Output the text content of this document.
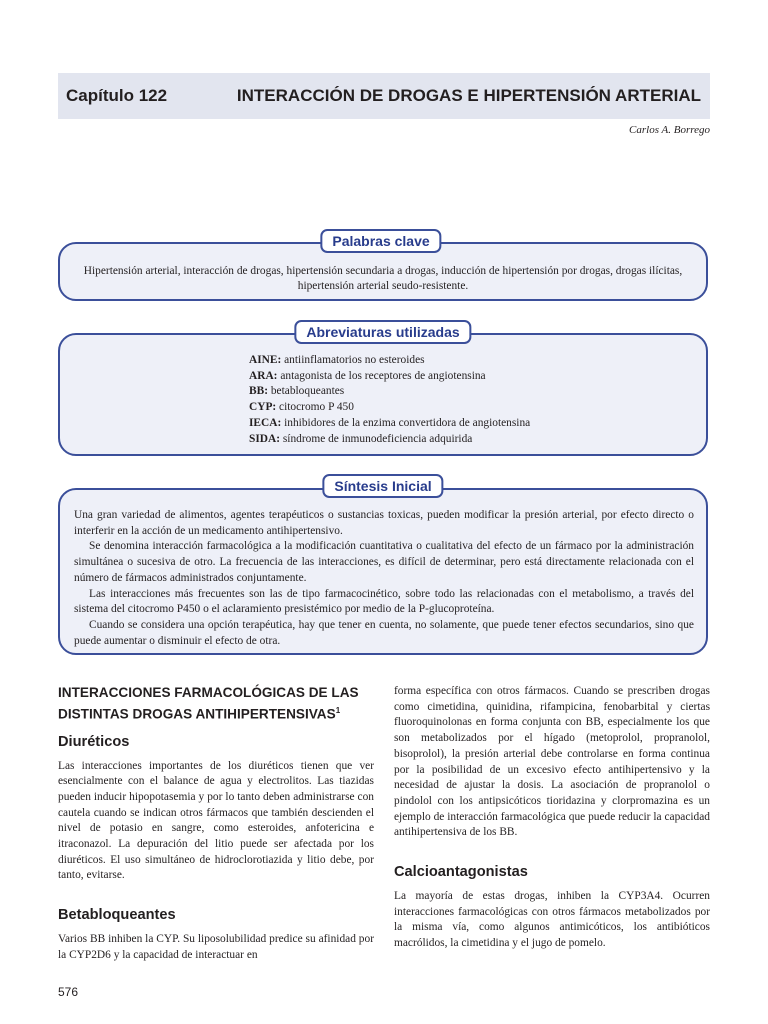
Capítulo 122	INTERACCIÓN DE DROGAS E HIPERTENSIÓN ARTERIAL
Carlos A. Borrego
Hipertensión arterial, interacción de drogas, hipertensión secundaria a drogas, inducción de hipertensión por drogas, drogas ilícitas, hipertensión arterial seudo-resistente.
Palabras clave
AINE: antiinflamatorios no esteroides
ARA: antagonista de los receptores de angiotensina
BB: betabloqueantes
CYP: citocromo P 450
IECA: inhibidores de la enzima convertidora de angiotensina
SIDA: síndrome de inmunodeficiencia adquirida
Abreviaturas utilizadas

Una gran variedad de alimentos, agentes terapéuticos o sustancias toxicas, pueden modificar la presión arterial, por efecto directo o interferir en la acción de un medicamento antihipertensivo.

Se denomina interacción farmacológica a la modificación cuantitativa o cualitativa del efecto de un fármaco por la administración simultánea o sucesiva de otro. La frecuencia de las interacciones, es difícil de determinar, pero está directamente relacionada con el número de fármacos administrados conjuntamente.

Las interacciones más frecuentes son las de tipo farmacocinético, sobre todo las relacionadas con el metabolismo, a través del sistema del citocromo P450 o el aclaramiento presistémico por medio de la P-glucoproteína.

Cuando se considera una opción terapéutica, hay que tener en cuenta, no solamente, que puede tener efectos secundarios, sino que puede aumentar o disminuir el efecto de otra.

Síntesis Inicial
INTERACCIONES FARMACOLÓGICAS DE LAS DISTINTAS DROGAS ANTIHIPERTENSIVAS$^1$
Diuréticos

Las interacciones importantes de los diuréticos tienen que ver esencialmente con el balance de agua y electrolitos. Las tiazidas pueden inducir hipopotasemia y por lo tanto deben administrarse con cautela cuando se indican otros fármacos que también descienden el nivel de potasio en sangre, como esteroides, anfotericina e itraconazol. La depuración del litio puede ser afectada por los diuréticos. El uso simultáneo de hidroclorotiazida y litio debe, por tanto, evitarse.

Betabloqueantes

Varios BB inhiben la CYP. Su liposolubilidad predice su afinidad por la CYP2D6 y la capacidad de interactuar en

forma específica con otros fármacos. Cuando se prescriben drogas como cimetidina, quinidina, rifampicina, fenobarbital y ciertas fluoroquinolonas en forma conjunta con BB, especialmente los que son metabolizados por el hígado (metoprolol, propranolol, bisoprolol), la presión arterial debe controlarse en forma continua por la posibilidad de un excesivo efecto antihipertensivo y la necesidad de ajustar la dosis. La asociación de propranolol o pindolol con los antipsicóticos tioridazina y clorpromazina es un ejemplo de interacción farmacológica que puede reducir la capacidad antihipertensiva de los BB.

Calcioantagonistas

La mayoría de estas drogas, inhiben la CYP3A4. Ocurren interacciones farmacológicas con otros fármacos metabolizados por la misma vía, como algunos antimicóticos, los antibióticos macrólidos, la cimetidina y el jugo de pomelo.

576
